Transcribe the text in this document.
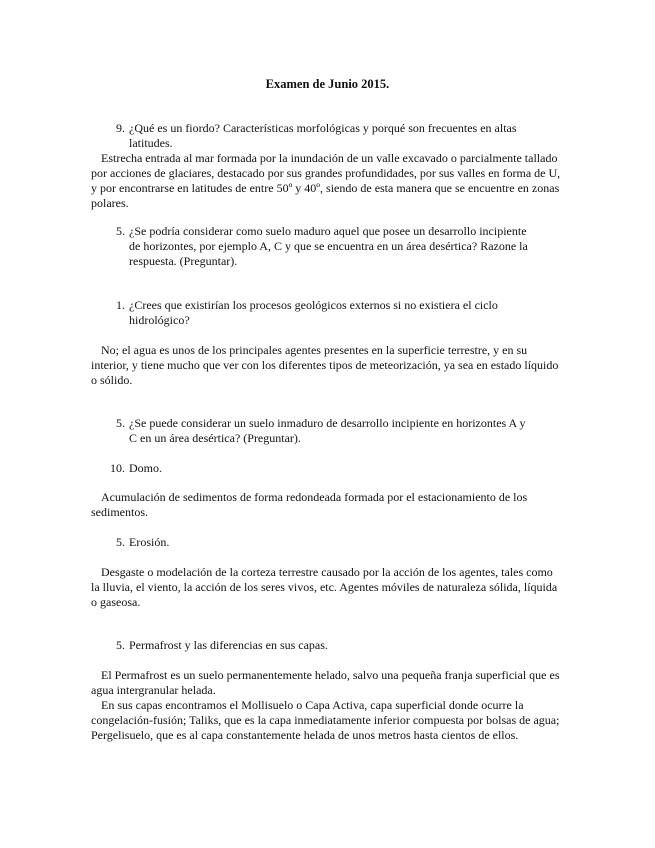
Examen de Junio 2015.
9. ¿Qué es un fiordo? Características morfológicas y porqué son frecuentes en altas latitudes.

Estrecha entrada al mar formada por la inundación de un valle excavado o parcialmente tallado por acciones de glaciares, destacado por sus grandes profundidades, por sus valles en forma de U, y por encontrarse en latitudes de entre 50º y 40º, siendo de esta manera que se encuentre en zonas polares.

5. ¿Se podría considerar como suelo maduro aquel que posee un desarrollo incipiente de horizontes, por ejemplo A, C y que se encuentra en un área desértica? Razone la respuesta. (Preguntar).
1. ¿Crees que existirían los procesos geológicos externos si no existiera el ciclo hidrológico?

No; el agua es unos de los principales agentes presentes en la superficie terrestre, y en su interior, y tiene mucho que ver con los diferentes tipos de meteorización, ya sea en estado líquido o sólido.

5. ¿Se puede considerar un suelo inmaduro de desarrollo incipiente en horizontes A y C en un área desértica? (Preguntar).
10. Domo.

Acumulación de sedimentos de forma redondeada formada por el estacionamiento de los sedimentos.

5. Erosión.

Desgaste o modelación de la corteza terrestre causado por la acción de los agentes, tales como la lluvia, el viento, la acción de los seres vivos, etc. Agentes móviles de naturaleza sólida, líquida o gaseosa.

5. Permafrost y las diferencias en sus capas.

El Permafrost es un suelo permanentemente helado, salvo una pequeña franja superficial que es agua intergranular helada.

En sus capas encontramos el Mollisuelo o Capa Activa, capa superficial donde ocurre la congelación-fusión; Taliks, que es la capa inmediatamente inferior compuesta por bolsas de agua; Pergelisuelo, que es al capa constantemente helada de unos metros hasta cientos de ellos.
